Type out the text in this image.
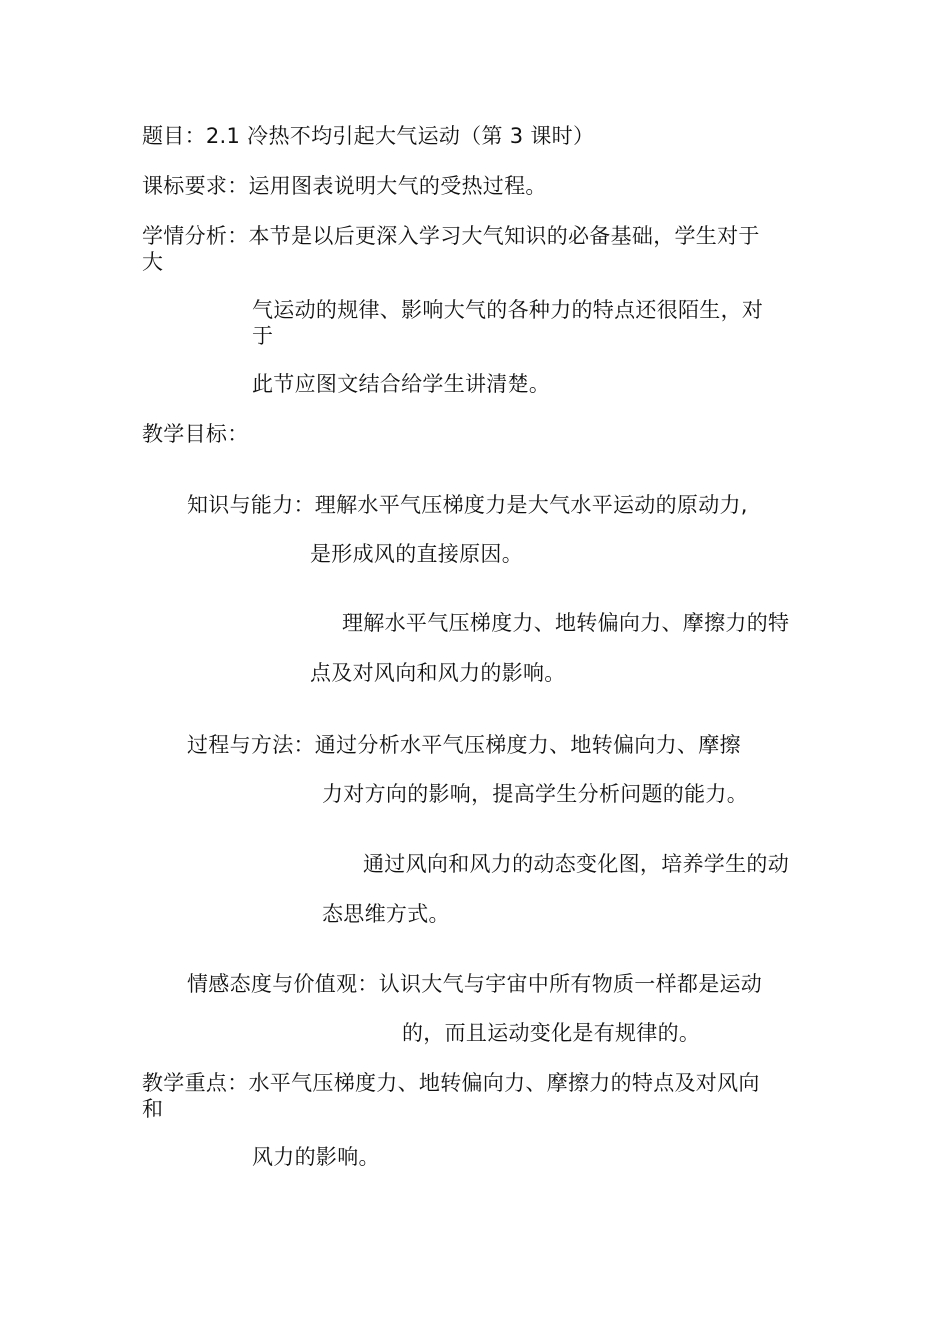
题目：2.1 冷热不均引起大气运动（第 3 课时）
课标要求：运用图表说明大气的受热过程。
学情分析：本节是以后更深入学习大气知识的必备基础，学生对于
大
气运动的规律、影响大气的各种力的特点还很陌生，对
于
此节应图文结合给学生讲清楚。
教学目标：
知识与能力：理解水平气压梯度力是大气水平运动的原动力,
是形成风的直接原因。
理解水平气压梯度力、地转偏向力、摩擦力的特
点及对风向和风力的影响。
过程与方法：通过分析水平气压梯度力、地转偏向力、摩擦
力对方向的影响，提高学生分析问题的能力。
通过风向和风力的动态变化图，培养学生的动
态思维方式。
情感态度与价值观：认识大气与宇宙中所有物质一样都是运动
的，而且运动变化是有规律的。
教学重点：水平气压梯度力、地转偏向力、摩擦力的特点及对风向
和
风力的影响。
